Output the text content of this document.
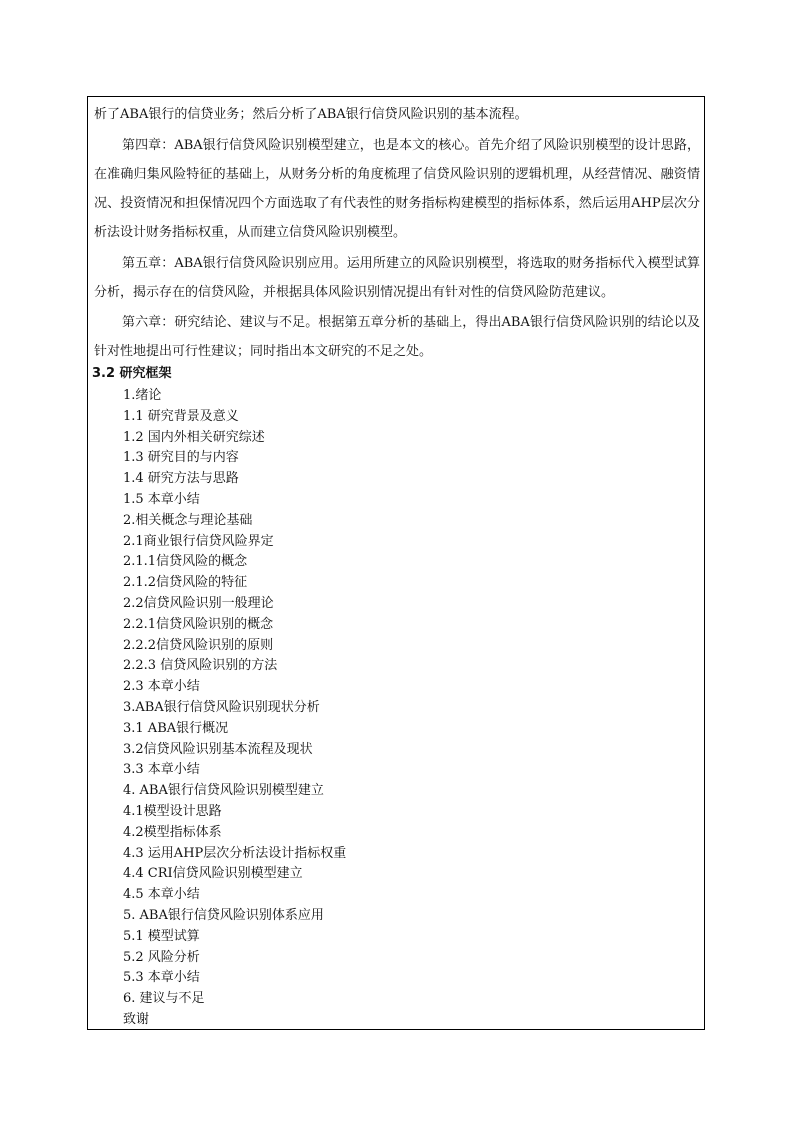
析了ABA银行的信贷业务；然后分析了ABA银行信贷风险识别的基本流程。

第四章：ABA银行信贷风险识别模型建立，也是本文的核心。首先介绍了风险识别模型的设计思路，在准确归集风险特征的基础上，从财务分析的角度梳理了信贷风险识别的逻辑机理，从经营情况、融资情况、投资情况和担保情况四个方面选取了有代表性的财务指标构建模型的指标体系，然后运用AHP层次分析法设计财务指标权重，从而建立信贷风险识别模型。

第五章：ABA银行信贷风险识别应用。运用所建立的风险识别模型，将选取的财务指标代入模型试算分析，揭示存在的信贷风险，并根据具体风险识别情况提出有针对性的信贷风险防范建议。

第六章：研究结论、建议与不足。根据第五章分析的基础上，得出ABA银行信贷风险识别的结论以及针对性地提出可行性建议；同时指出本文研究的不足之处。

3.2 研究框架
1.绪论
1.1 研究背景及意义
1.2 国内外相关研究综述
1.3 研究目的与内容
1.4 研究方法与思路
1.5 本章小结
2.相关概念与理论基础
2.1商业银行信贷风险界定
2.1.1信贷风险的概念
2.1.2信贷风险的特征
2.2信贷风险识别一般理论
2.2.1信贷风险识别的概念
2.2.2信贷风险识别的原则
2.2.3 信贷风险识别的方法
2.3 本章小结
3.ABA银行信贷风险识别现状分析
3.1 ABA银行概况
3.2信贷风险识别基本流程及现状
3.3 本章小结
4. ABA银行信贷风险识别模型建立
4.1模型设计思路
4.2模型指标体系
4.3 运用AHP层次分析法设计指标权重
4.4 CRI信贷风险识别模型建立
4.5 本章小结
5. ABA银行信贷风险识别体系应用
5.1 模型试算
5.2 风险分析
5.3 本章小结
6. 建议与不足
致谢
